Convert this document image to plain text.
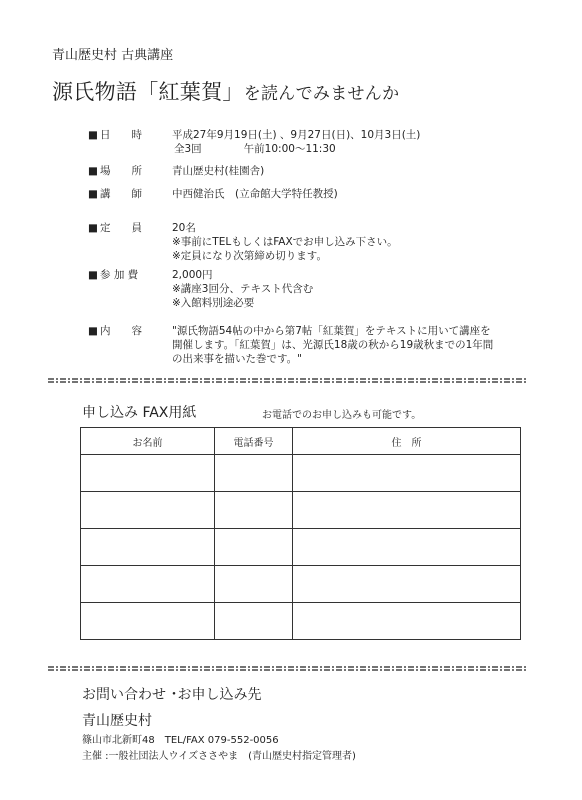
青山歴史村 古典講座
源氏物語「紅葉賀」を読んでみませんか
■ 日　　時	平成27年9月19日(土) 、9月27日(日)、10月3日(土)
全3回　　　　午前10:00～11:30
■ 場　　所	青山歴史村(桂園舎)
■ 講　　師	中西健治氏　(立命館大学特任教授)
■ 定　　員	20名
※事前にTELもしくはFAXでお申し込み下さい。
※定員になり次第締め切ります。
■ 参 加 費	2,000円
※講座3回分、テキスト代含む
※入館料別途必要
■ 内　　容	"源氏物語54帖の中から第7帖「紅葉賀」をテキストに用いて講座を
開催します。「紅葉賀」は、光源氏18歳の秋から19歳秋までの1年間
の出来事を描いた巻です。"
申し込み FAX用紙	お電話でのお申し込みも可能です。
お名前	電話番号	住　所

お問い合わせ ･お申し込み先
青山歴史村
篠山市北新町48　TEL/FAX 079-552-0056
主催 :一般社団法人ウイズささやま　(青山歴史村指定管理者)
